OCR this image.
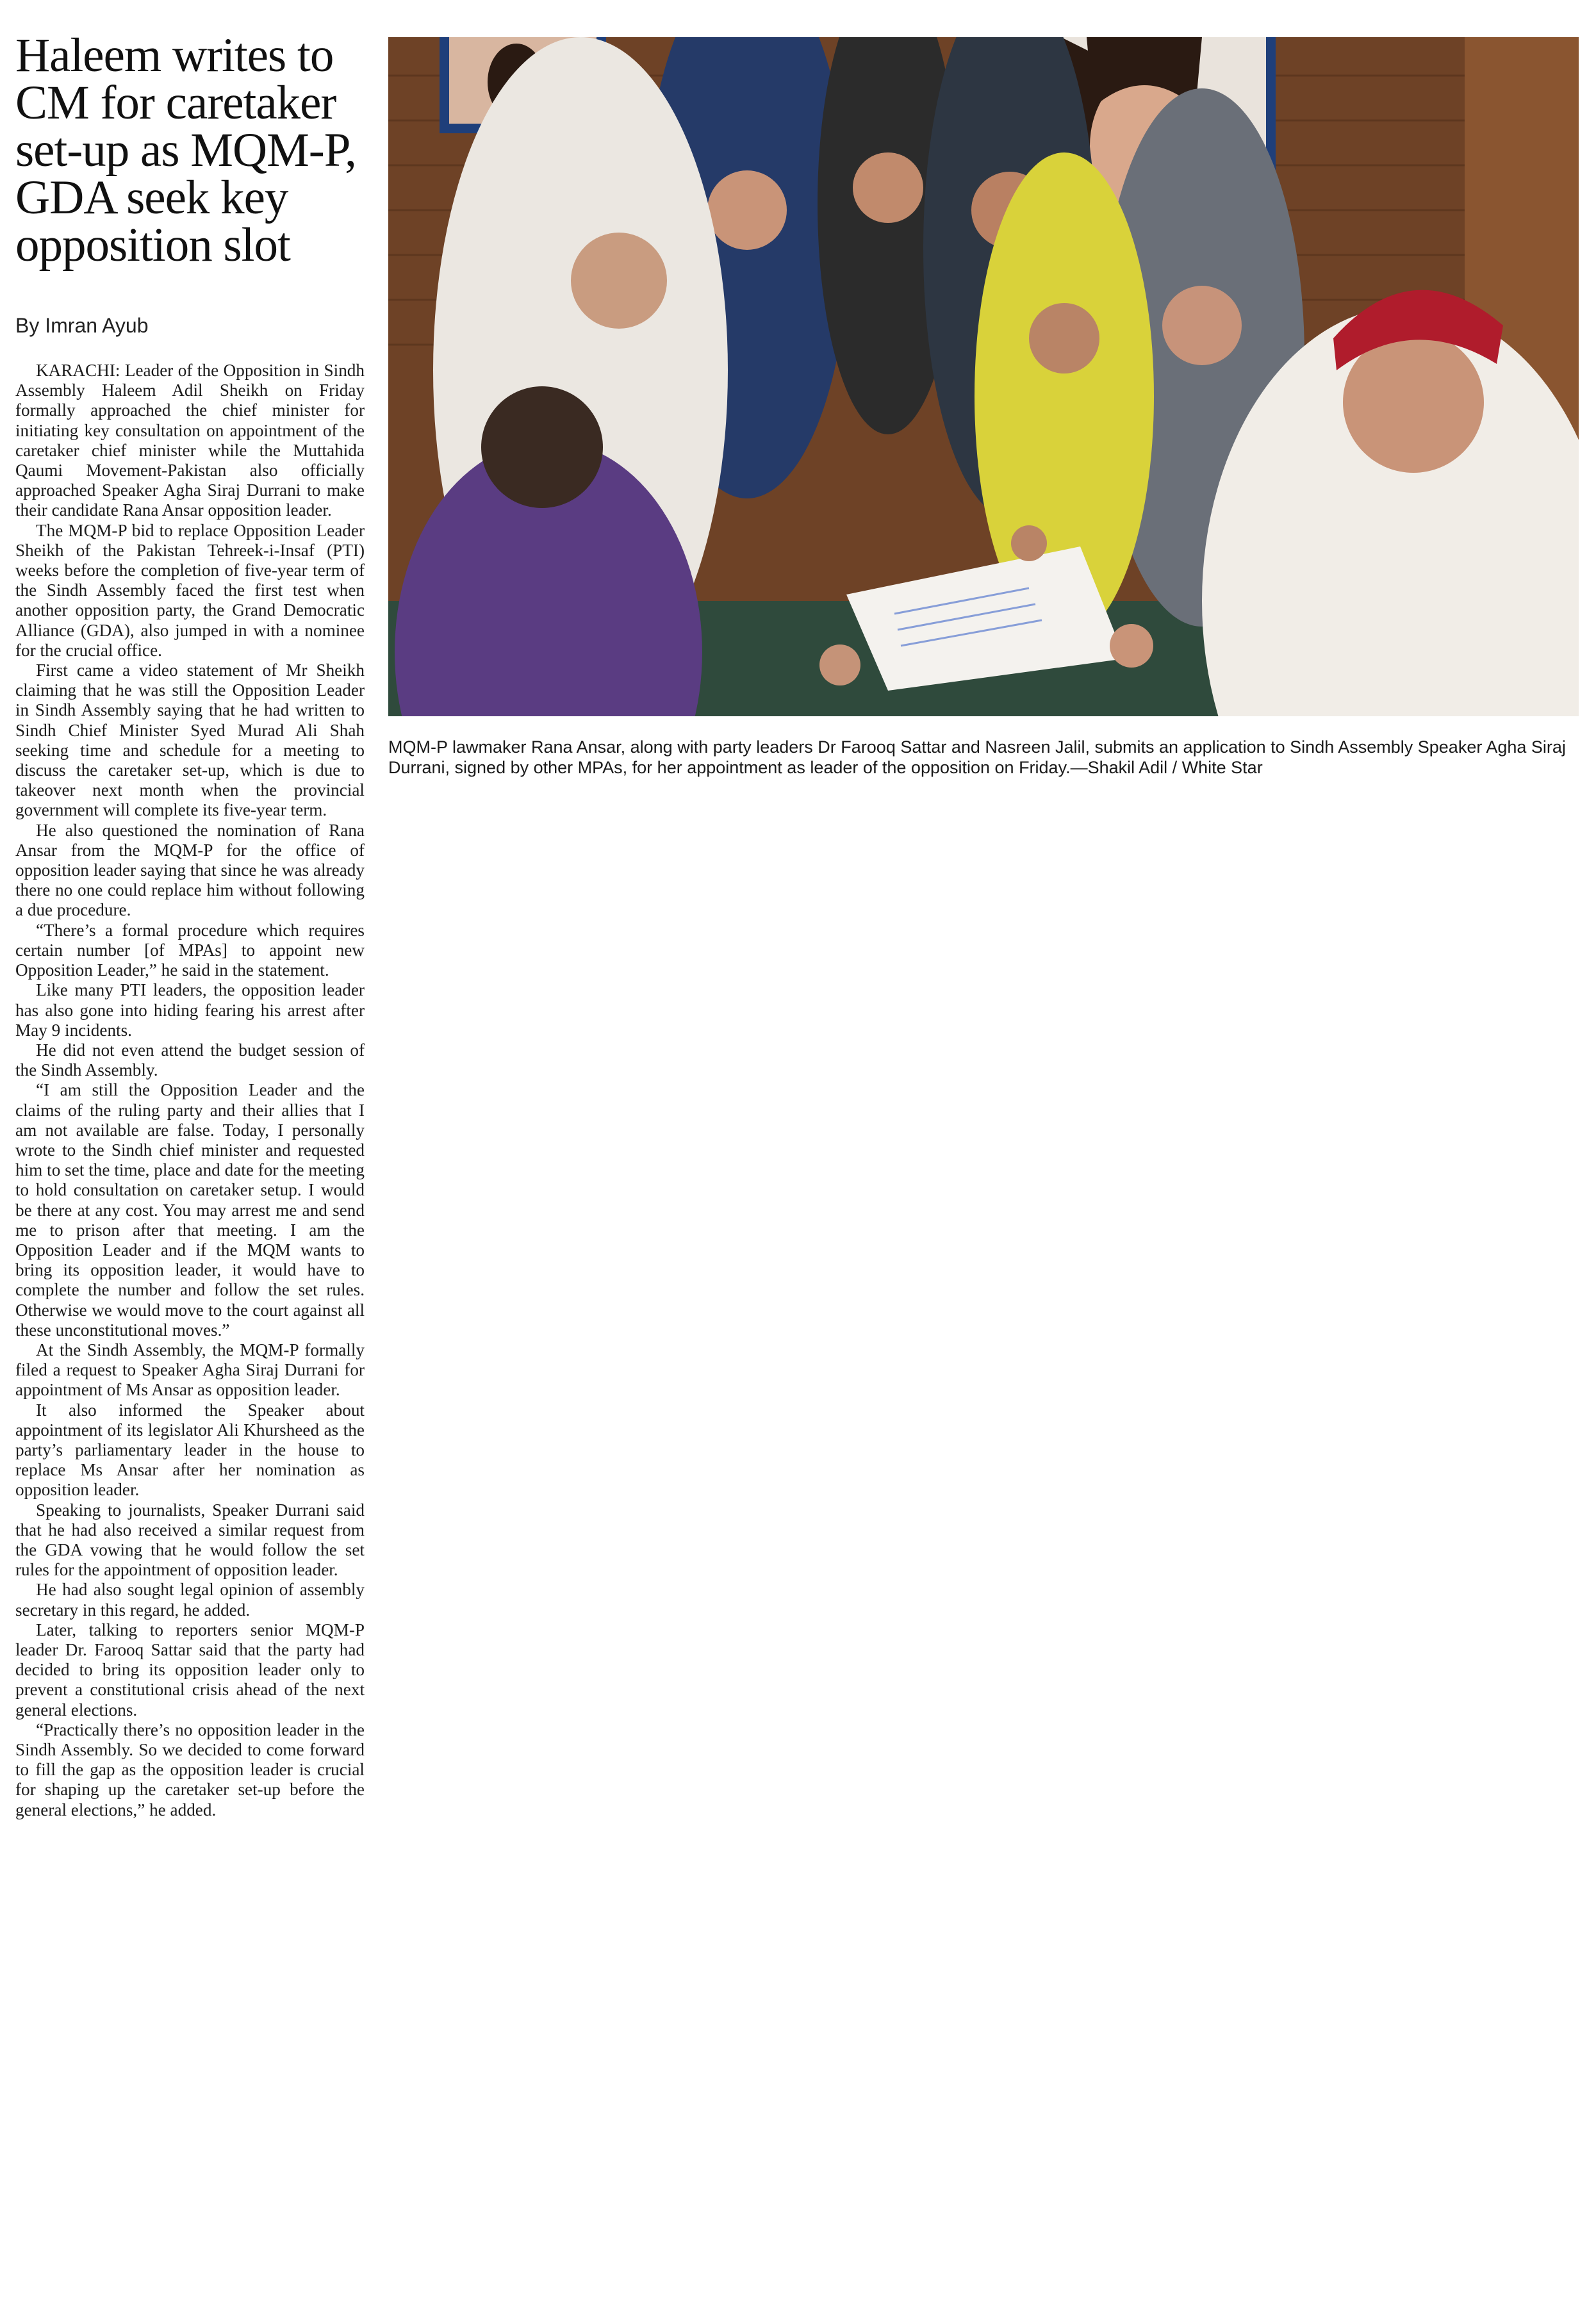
Haleem writes to CM for caretaker set-up as MQM-P, GDA seek key opposition slot
By Imran Ayub

KARACHI: Leader of the Opposition in Sindh Assembly Haleem Adil Sheikh on Friday formally approached the chief minister for initiating key consultation on appointment of the caretaker chief minister while the Muttahida Qaumi Movement-Pakistan also officially approached Speaker Agha Siraj Durrani to make their candidate Rana Ansar opposition leader.

The MQM-P bid to replace Opposition Leader Sheikh of the Pakistan Tehreek-i-Insaf (PTI) weeks before the completion of five-year term of the Sindh Assembly faced the first test when another opposition party, the Grand Democratic Alliance (GDA), also jumped in with a nominee for the crucial office.

First came a video statement of Mr Sheikh claiming that he was still the Opposition Leader in Sindh Assembly saying that he had written to Sindh Chief Minister Syed Murad Ali Shah seeking time and schedule for a meeting to discuss the caretaker set-up, which is due to takeover next month when the provincial government will complete its five-year term.

He also questioned the nomination of Rana Ansar from the MQM-P for the office of opposition leader saying that since he was already there no one could replace him without following a due procedure.

“There’s a formal procedure which requires certain number [of MPAs] to appoint new Opposition Leader,” he said in the statement.

Like many PTI leaders, the opposition leader has also gone into hiding fearing his arrest after May 9 incidents.

He did not even attend the budget session of the Sindh Assembly.

“I am still the Opposition Leader and the claims of the ruling party and their allies that I am not available are false. Today, I personally wrote to the Sindh chief minister and requested him to set the time, place and date for the meeting to hold consultation on caretaker setup. I would be there at any cost. You may arrest me and send me to prison after that meeting. I am the Opposition Leader and if the MQM wants to bring its opposition leader, it would have to complete the number and follow the set rules. Otherwise we would move to the court against all these unconstitutional moves.”

At the Sindh Assembly, the MQM-P formally filed a request to Speaker Agha Siraj Durrani for appointment of Ms Ansar as opposition leader.

It also informed the Speaker about appointment of its legislator Ali Khursheed as the party’s parliamentary leader in the house to replace Ms Ansar after her nomination as opposition leader.

Speaking to journalists, Speaker Durrani said that he had also received a similar request from the GDA vowing that he would follow the set rules for the appointment of opposition leader.

He had also sought legal opinion of assembly secretary in this regard, he added.

Later, talking to reporters senior MQM-P leader Dr. Farooq Sattar said that the party had decided to bring its opposition leader only to prevent a constitutional crisis ahead of the next general elections.

“Practically there’s no opposition leader in the Sindh Assembly. So we decided to come forward to fill the gap as the opposition leader is crucial for shaping up the caretaker set-up before the general elections,” he added.

MQM-P lawmaker Rana Ansar, along with party leaders Dr Farooq Sattar and Nasreen Jalil, submits an application to Sindh Assembly Speaker Agha Siraj Durrani, signed by other MPAs, for her appointment as leader of the opposition on Friday.—Shakil Adil / White Star
